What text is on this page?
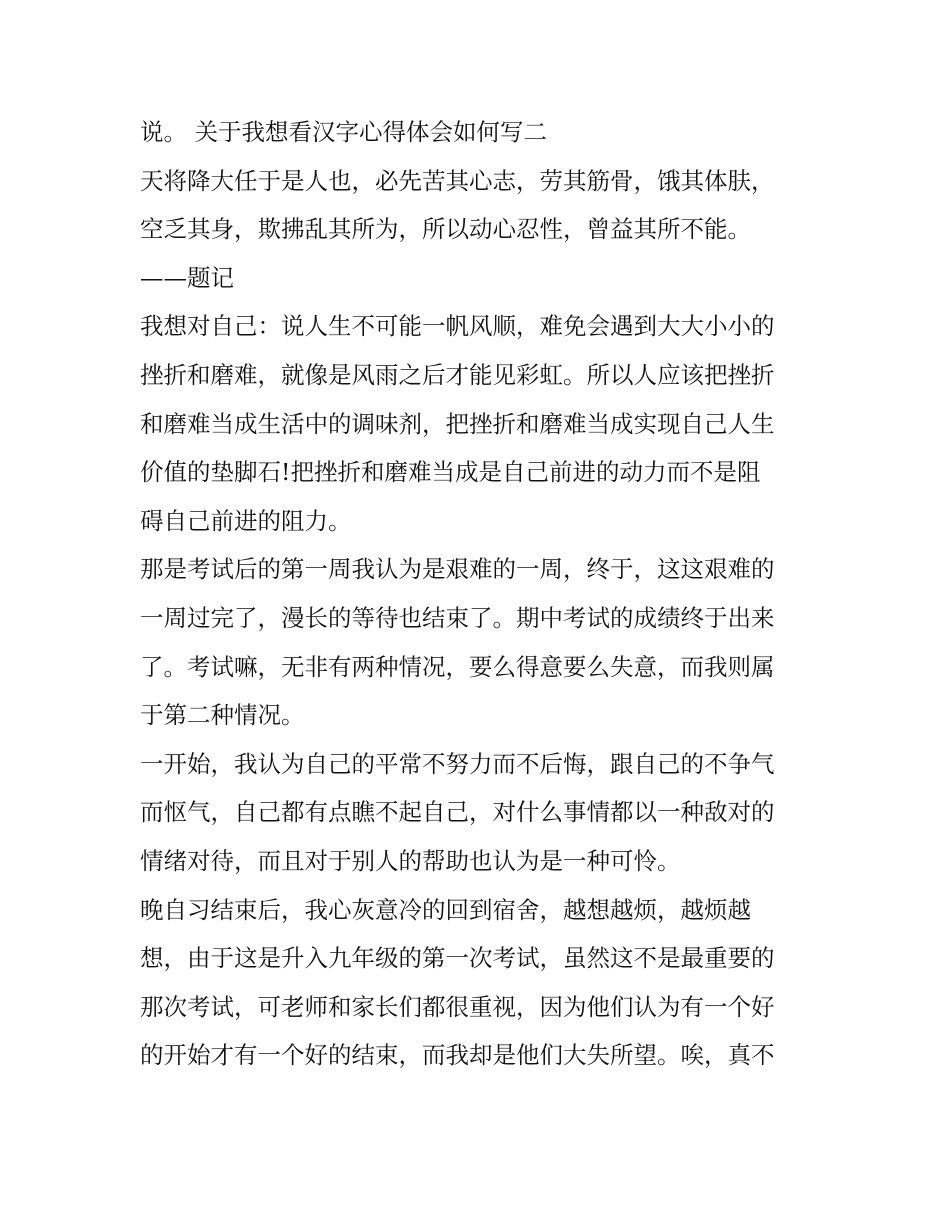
说。 关于我想看汉字心得体会如何写二
天将降大任于是人也，必先苦其心志，劳其筋骨，饿其体肤，
空乏其身，欺拂乱其所为，所以动心忍性，曾益其所不能。
——题记
我想对自己：说人生不可能一帆风顺，难免会遇到大大小小的
挫折和磨难，就像是风雨之后才能见彩虹。所以人应该把挫折
和磨难当成生活中的调味剂，把挫折和磨难当成实现自己人生
价值的垫脚石!把挫折和磨难当成是自己前进的动力而不是阻
碍自己前进的阻力。
那是考试后的第一周我认为是艰难的一周，终于，这这艰难的
一周过完了，漫长的等待也结束了。期中考试的成绩终于出来
了。考试嘛，无非有两种情况，要么得意要么失意，而我则属
于第二种情况。
一开始，我认为自己的平常不努力而不后悔，跟自己的不争气
而怄气，自己都有点瞧不起自己，对什么事情都以一种敌对的
情绪对待，而且对于别人的帮助也认为是一种可怜。
晚自习结束后，我心灰意冷的回到宿舍，越想越烦，越烦越
想，由于这是升入九年级的第一次考试，虽然这不是最重要的
那次考试，可老师和家长们都很重视，因为他们认为有一个好
的开始才有一个好的结束，而我却是他们大失所望。唉，真不
